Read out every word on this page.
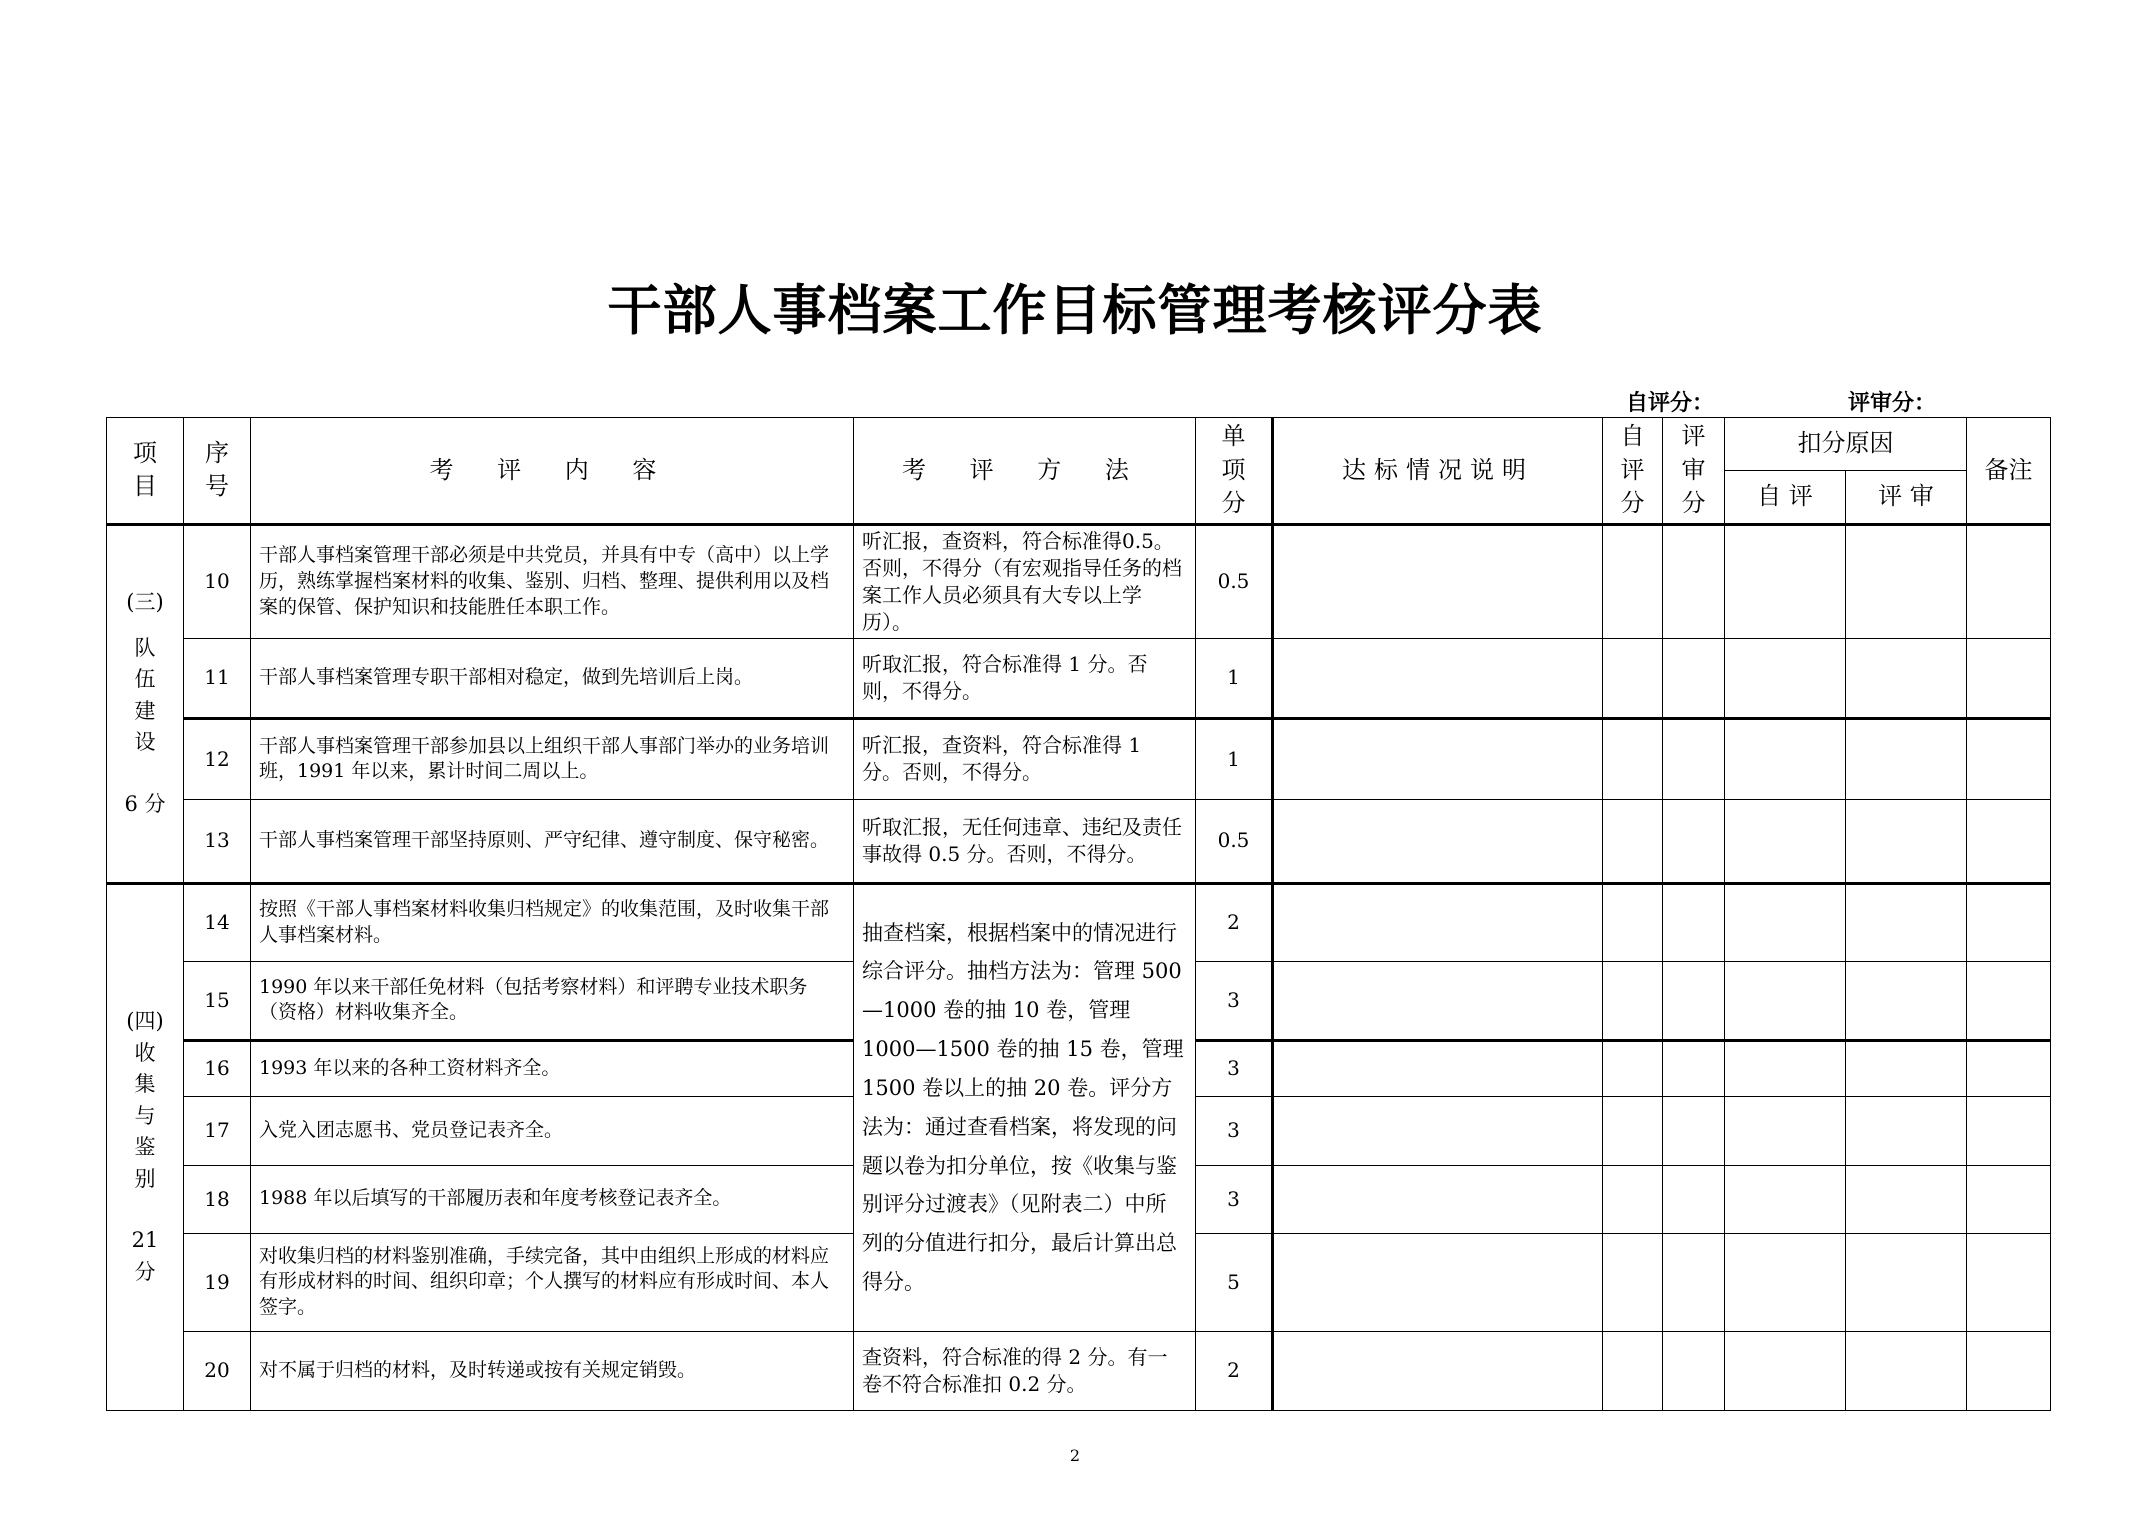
干部人事档案工作目标管理考核评分表
自评分：	评审分：
项目	序号	考 评 内 容	考 评 方 法	单项分	达标情况说明	自评分	评审分	扣分原因		备注
								自 评	评 审	

(三)
队伍建设
6 分	10	干部人事档案管理干部必须是中共党员，并具有中专（高中）以上学历，熟练掌握档案材料的收集、鉴别、归档、整理、提供利用以及档案的保管、保护知识和技能胜任本职工作。	听汇报，查资料，符合标准得0.5。否则，不得分（有宏观指导任务的档案工作人员必须具有大专以上学历）。	0.5						
	11	干部人事档案管理专职干部相对稳定，做到先培训后上岗。	听取汇报，符合标准得 1 分。否则，不得分。	1						
	12	干部人事档案管理干部参加县以上组织干部人事部门举办的业务培训班，1991 年以来，累计时间二周以上。	听汇报，查资料，符合标准得 1 分。否则，不得分。	1						
	13	干部人事档案管理干部坚持原则、严守纪律、遵守制度、保守秘密。	听取汇报，无任何违章、违纪及责任事故得 0.5 分。否则，不得分。	0.5						

(四)
收集与鉴别
21 分	14	按照《干部人事档案材料收集归档规定》的收集范围，及时收集干部人事档案材料。	抽查档案，根据档案中的情况进行综合评分。抽档方法为：管理 500—1000 卷的抽 10 卷，管理 1000—1500 卷的抽 15 卷，管理 1500 卷以上的抽 20 卷。评分方法为：通过查看档案，将发现的问题以卷为扣分单位，按《收集与鉴别评分过渡表》（见附表二）中所列的分值进行扣分，最后计算出总得分。	2						
	15	1990 年以来干部任免材料（包括考察材料）和评聘专业技术职务（资格）材料收集齐全。		3						
	16	1993 年以来的各种工资材料齐全。		3						
	17	入党入团志愿书、党员登记表齐全。		3						
	18	1988 年以后填写的干部履历表和年度考核登记表齐全。		3						
	19	对收集归档的材料鉴别准确，手续完备，其中由组织上形成的材料应有形成材料的时间、组织印章；个人撰写的材料应有形成时间、本人签字。		5						
	20	对不属于归档的材料，及时转递或按有关规定销毁。	查资料，符合标准的得 2 分。有一卷不符合标准扣 0.2 分。	2						
2
